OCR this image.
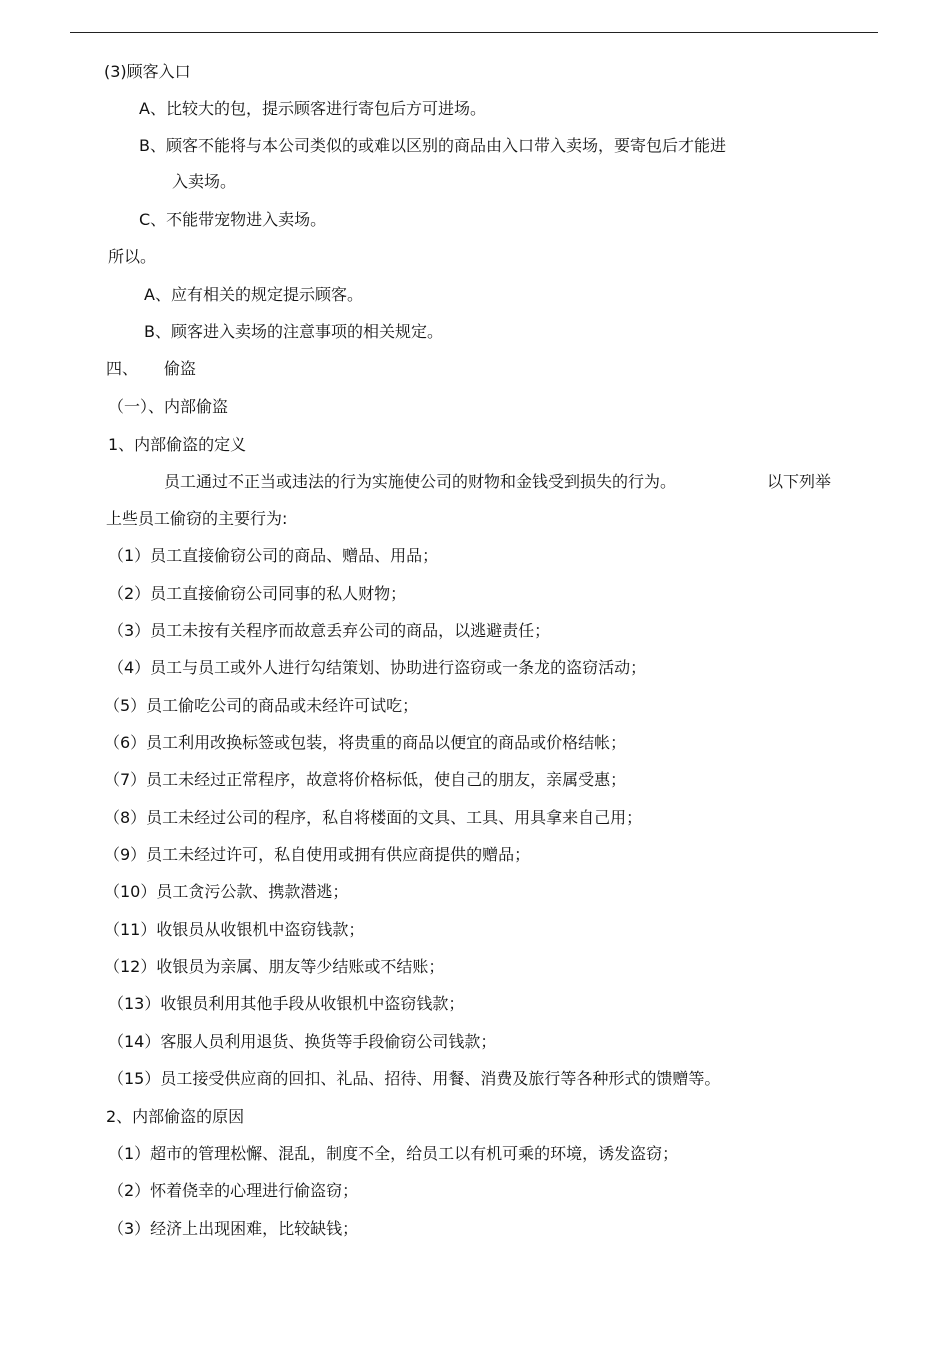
(3)顾客入口
A、比较大的包，提示顾客进行寄包后方可进场。
B、顾客不能将与本公司类似的或难以区别的商品由入口带入卖场，要寄包后才能进
入卖场。
C、不能带宠物进入卖场。
所以。
A、应有相关的规定提示顾客。
B、顾客进入卖场的注意事项的相关规定。
四、 偷盗
（一）、内部偷盗
1、内部偷盗的定义
员工通过不正当或违法的行为实施使公司的财物和金钱受到损失的行为。	以下列举
上些员工偷窃的主要行为:
（1）员工直接偷窃公司的商品、赠品、用品；
（2）员工直接偷窃公司同事的私人财物；
（3）员工未按有关程序而故意丢弃公司的商品，以逃避责任；
（4）员工与员工或外人进行勾结策划、协助进行盗窃或一条龙的盗窃活动；
（5）员工偷吃公司的商品或未经许可试吃；
（6）员工利用改换标签或包装，将贵重的商品以便宜的商品或价格结帐；
（7）员工未经过正常程序，故意将价格标低，使自己的朋友，亲属受惠；
（8）员工未经过公司的程序，私自将楼面的文具、工具、用具拿来自己用；
（9）员工未经过许可，私自使用或拥有供应商提供的赠品；
（10）员工贪污公款、携款潜逃；
（11）收银员从收银机中盗窃钱款；
（12）收银员为亲属、朋友等少结账或不结账；
（13）收银员利用其他手段从收银机中盗窃钱款；
（14）客服人员利用退货、换货等手段偷窃公司钱款；
（15）员工接受供应商的回扣、礼品、招待、用餐、消费及旅行等各种形式的馈赠等。
2、内部偷盗的原因
（1）超市的管理松懈、混乱，制度不全，给员工以有机可乘的环境，诱发盗窃；
（2）怀着侥幸的心理进行偷盗窃；
（3）经济上出现困难，比较缺钱；
